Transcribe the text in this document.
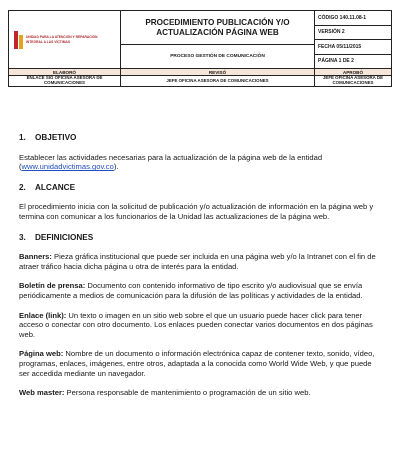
UNIDAD PARA LA ATENCIÓN Y REPARACIÓN INTEGRAL A LAS VÍCTIMAS
PROCEDIMIENTO PUBLICACIÓN Y/O
ACTUALIZACIÓN PÁGINA WEB
PROCESO GESTIÓN DE COMUNICACIÓN
CÓDIGO 140.11.08-1
VERSIÓN 2
FECHA 05/11/2015
PÁGINA 1 DE 2
ELABORÓ	REVISÓ	APROBÓ
ENLACE SIG OFICINA ASESORA DE COMUNICACIONES	JEFE OFICINA ASESORA DE COMUNICACIONES	JEFE OFICINA ASESORA DE COMUNICACIONES
1. OBJETIVO

Establecer las actividades necesarias para la actualización de la página web de la entidad (www.unidadvictimas.gov.co).

2. ALCANCE

El procedimiento inicia con la solicitud de publicación y/o actualización de información en la página web y termina con comunicar a los funcionarios de la Unidad las actualizaciones de la página web.

3. DEFINICIONES

Banners: Pieza gráfica institucional que puede ser incluida en una página web y/o la Intranet con el fin de atraer tráfico hacia dicha página u otra de interés para la entidad.

Boletín de prensa: Documento con contenido informativo de tipo escrito y/o audiovisual que se envía periódicamente a medios de comunicación para la difusión de las políticas y actividades de la entidad.

Enlace (link): Un texto o imagen en un sitio web sobre el que un usuario puede hacer click para tener acceso o conectar con otro documento. Los enlaces pueden conectar varios documentos en dos páginas web.

Página web: Nombre de un documento o información electrónica capaz de contener texto, sonido, vídeo, programas, enlaces, imágenes, entre otros, adaptada a la conocida como World Wide Web, y que puede ser accedida mediante un navegador.

Web master: Persona responsable de mantenimiento o programación de un sitio web.
